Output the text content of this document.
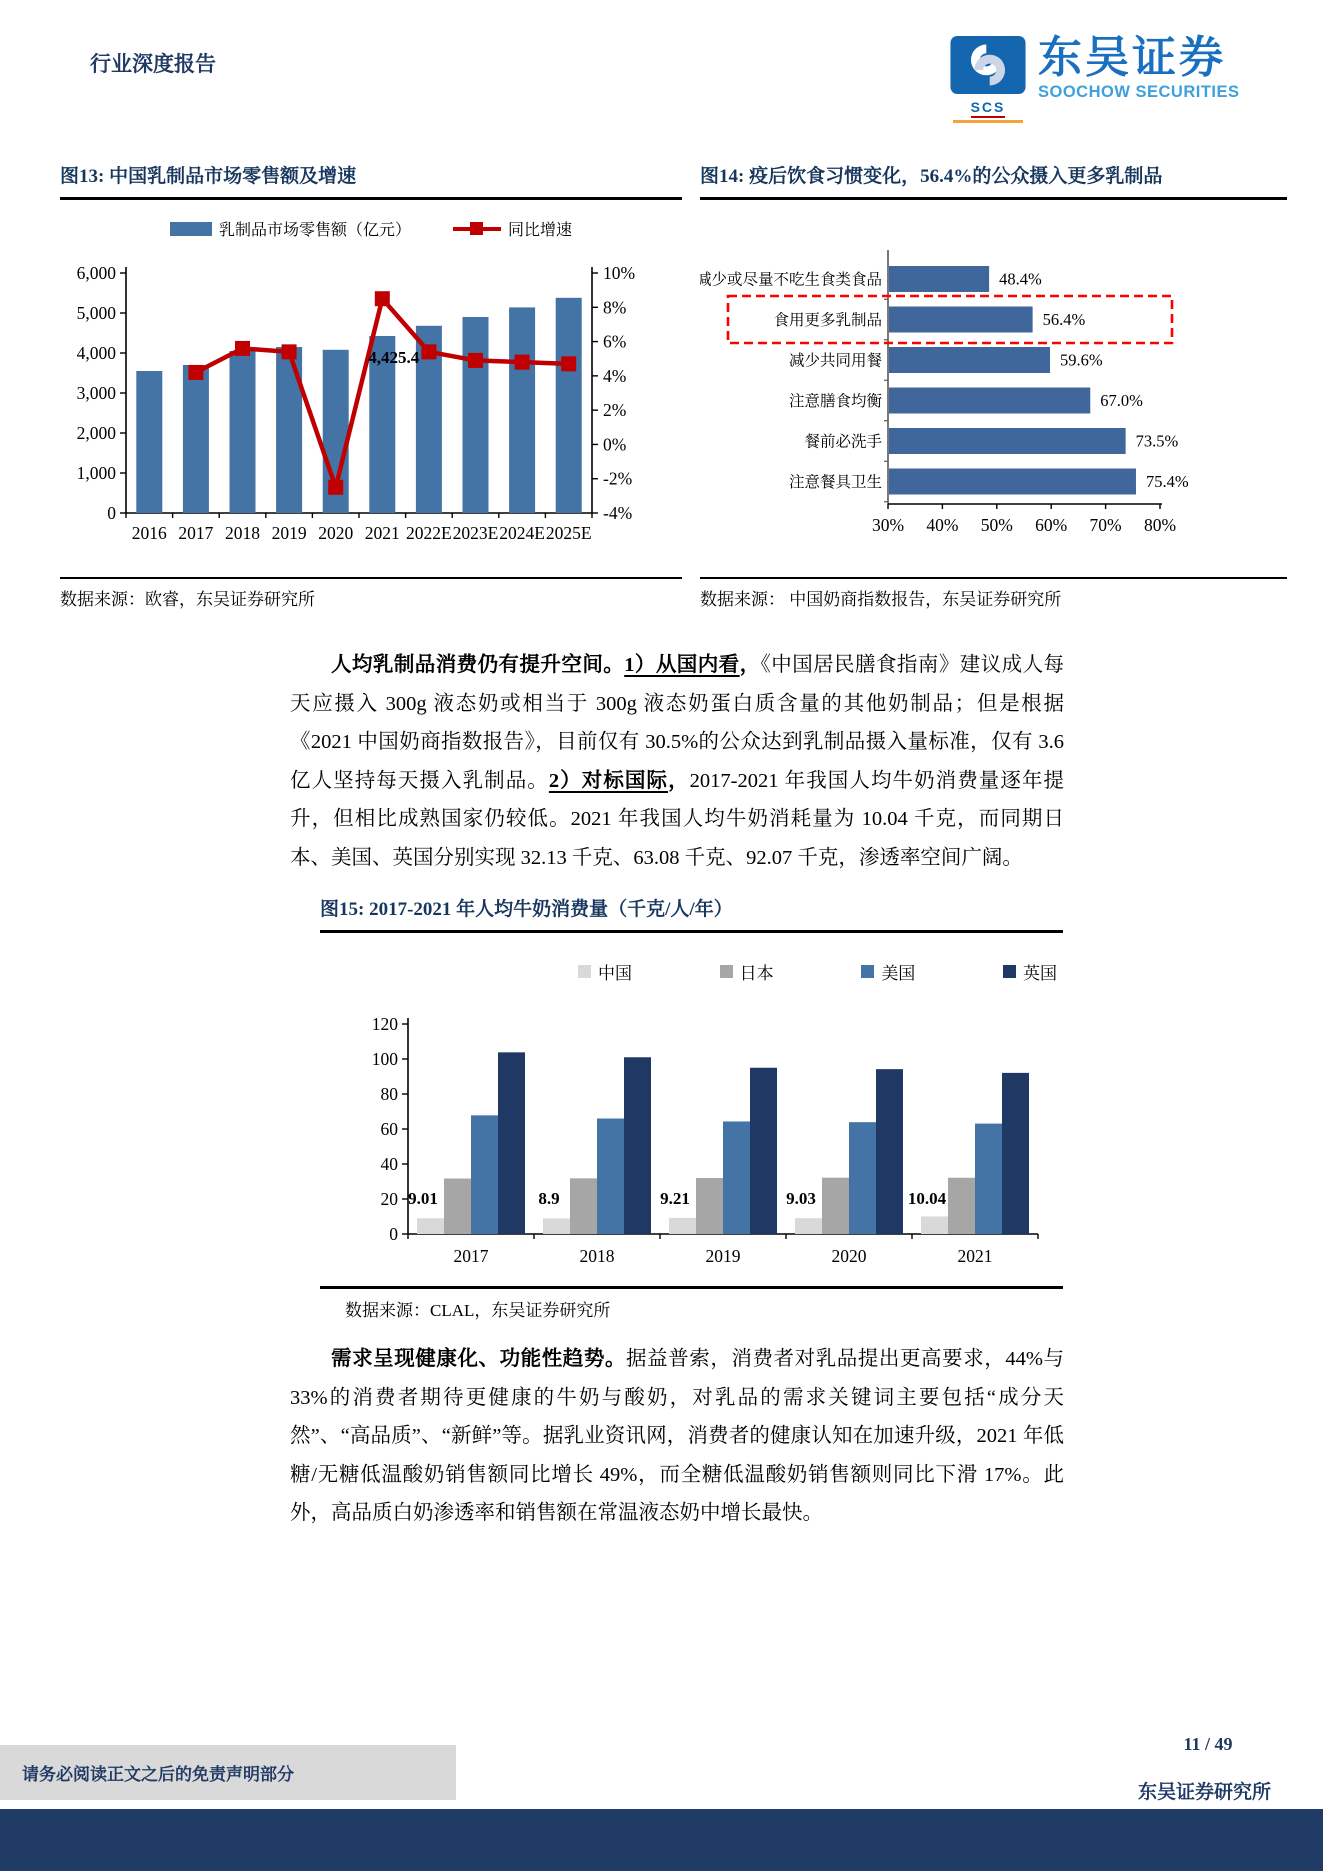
行业深度报告
SCS
东吴证券
SOOCHOW SECURITIES
图13: 中国乳制品市场零售额及增速
乳制品市场零售额（亿元）	同比增速
0
1,000
2,000
3,000
4,000
5,000
6,000	10%
8%
6%
4%
2%
0%
-2%
-4%
2016 2017 2018 2019 2020 2021 2022E 2023E 2024E 2025E
4,425.4
数据来源：欧睿，东吴证券研究所
图14: 疫后饮食习惯变化，56.4%的公众摄入更多乳制品
30% 40% 50% 60% 70% 80%
减少或尽量不吃生食类食品	48.4%
食用更多乳制品	56.4%
减少共同用餐	59.6%
注意膳食均衡	67.0%
餐前必洗手	73.5%
注意餐具卫生	75.4%
数据来源： 中国奶商指数报告，东吴证券研究所
人均乳制品消费仍有提升空间。1）从国内看，《中国居民膳食指南》建议成人每天应摄入 300g 液态奶或相当于 300g 液态奶蛋白质含量的其他奶制品；但是根据《2021 中国奶商指数报告》，目前仅有 30.5%的公众达到乳制品摄入量标准，仅有 3.6 亿人坚持每天摄入乳制品。2）对标国际，2017-2021 年我国人均牛奶消费量逐年提升，但相比成熟国家仍较低。2021 年我国人均牛奶消耗量为 10.04 千克，而同期日本、美国、英国分别实现 32.13 千克、63.08 千克、92.07 千克，渗透率空间广阔。
图15: 2017-2021 年人均牛奶消费量（千克/人/年）
中国	日本	美国	英国
0
20
40
60
80
100
120
2017
9.01
2018
8.9
2019
9.21
2020
9.03
2021
10.04
数据来源：CLAL，东吴证券研究所
需求呈现健康化、功能性趋势。据益普索，消费者对乳品提出更高要求，44%与 33%的消费者期待更健康的牛奶与酸奶，对乳品的需求关键词主要包括“成分天然”、“高品质”、“新鲜”等。据乳业资讯网，消费者的健康认知在加速升级，2021 年低糖/无糖低温酸奶销售额同比增长 49%，而全糖低温酸奶销售额则同比下滑 17%。此外，高品质白奶渗透率和销售额在常温液态奶中增长最快。
11 / 49
东吴证券研究所
请务必阅读正文之后的免责声明部分
